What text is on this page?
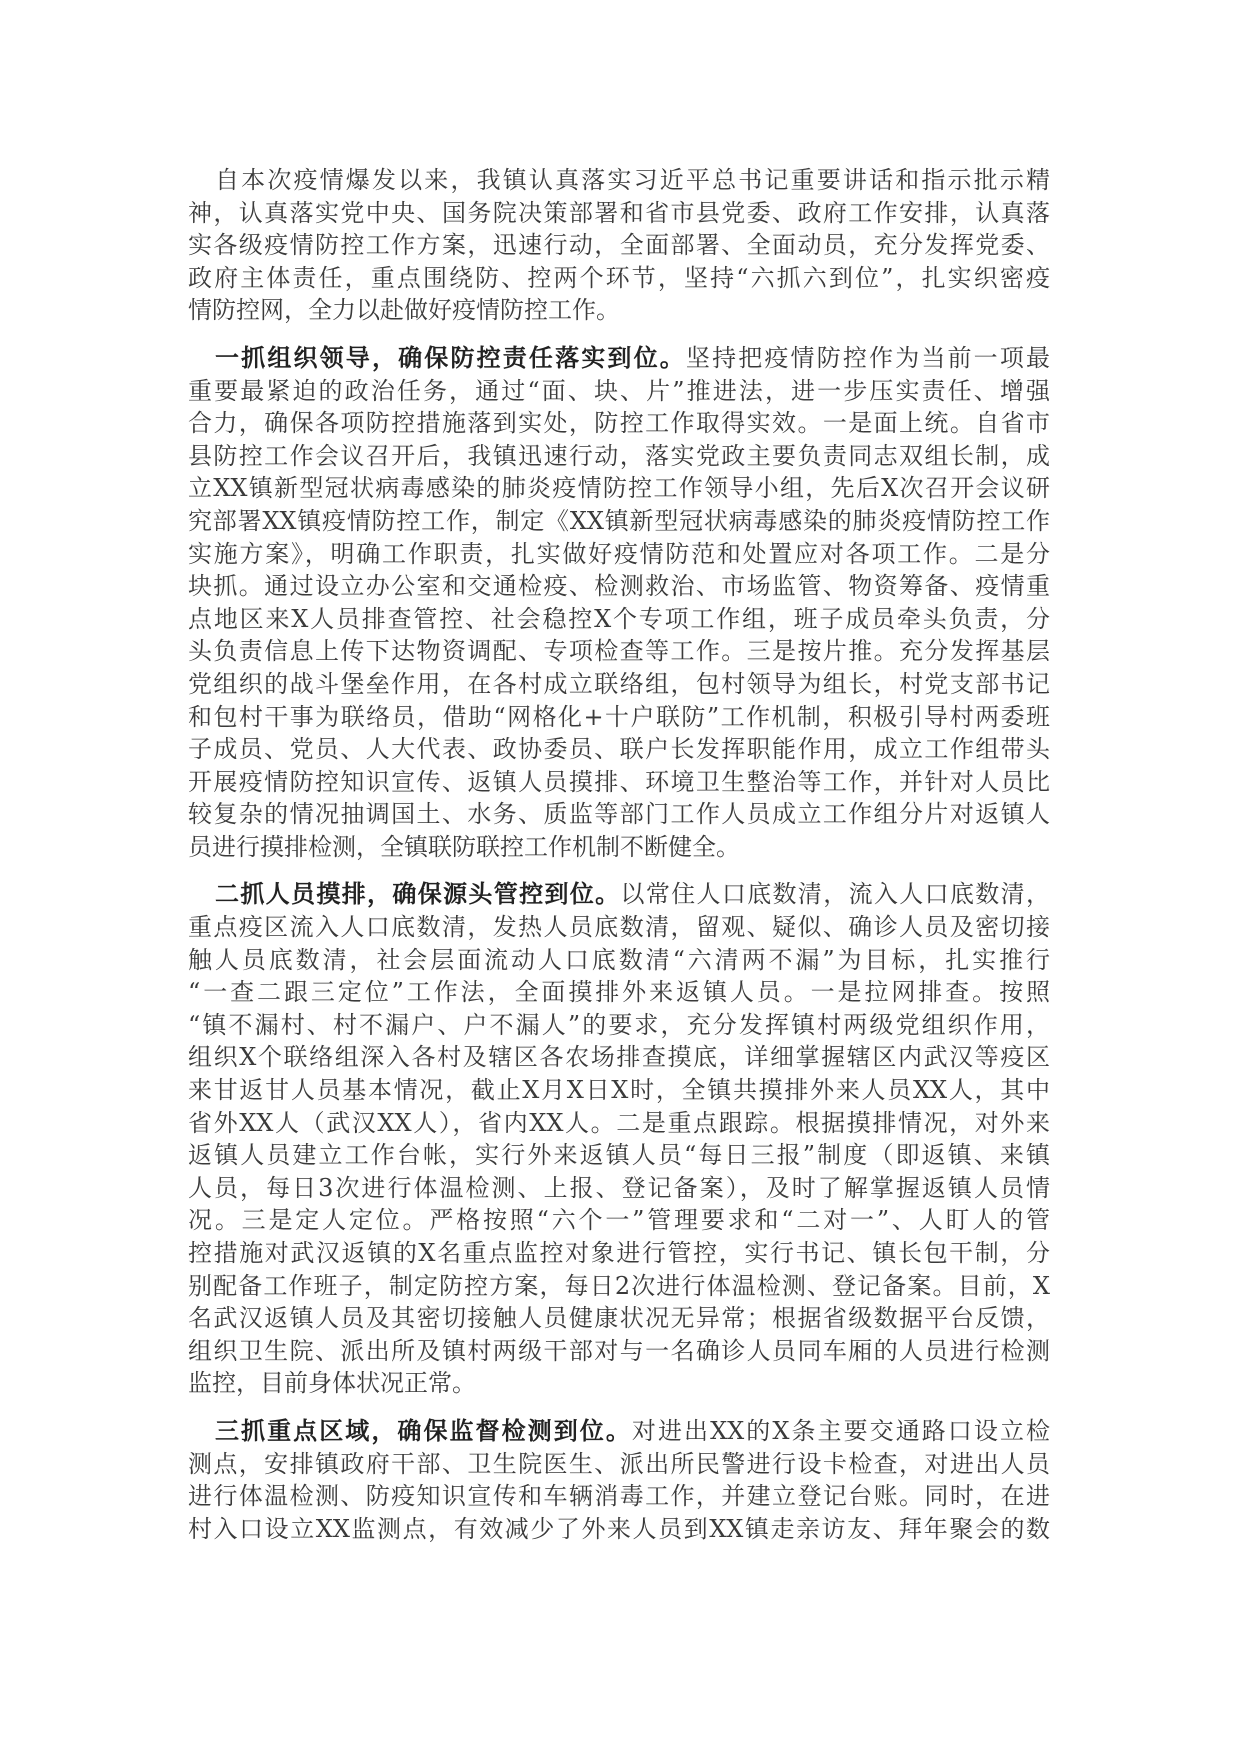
自本次疫情爆发以来，我镇认真落实习近平总书记重要讲话和指示批示精
神，认真落实党中央、国务院决策部署和省市县党委、政府工作安排，认真落
实各级疫情防控工作方案，迅速行动，全面部署、全面动员，充分发挥党委、
政府主体责任，重点围绕防、控两个环节，坚持“六抓六到位”，扎实织密疫
情防控网，全力以赴做好疫情防控工作。
一抓组织领导，确保防控责任落实到位。坚持把疫情防控作为当前一项最
重要最紧迫的政治任务，通过“面、块、片”推进法，进一步压实责任、增强
合力，确保各项防控措施落到实处，防控工作取得实效。一是面上统。自省市
县防控工作会议召开后，我镇迅速行动，落实党政主要负责同志双组长制，成
立XX镇新型冠状病毒感染的肺炎疫情防控工作领导小组，先后X次召开会议研
究部署XX镇疫情防控工作，制定《XX镇新型冠状病毒感染的肺炎疫情防控工作
实施方案》，明确工作职责，扎实做好疫情防范和处置应对各项工作。二是分
块抓。通过设立办公室和交通检疫、检测救治、市场监管、物资筹备、疫情重
点地区来X人员排查管控、社会稳控X个专项工作组，班子成员牵头负责，分
头负责信息上传下达物资调配、专项检查等工作。三是按片推。充分发挥基层
党组织的战斗堡垒作用，在各村成立联络组，包村领导为组长，村党支部书记
和包村干事为联络员，借助“网格化+十户联防”工作机制，积极引导村两委班
子成员、党员、人大代表、政协委员、联户长发挥职能作用，成立工作组带头
开展疫情防控知识宣传、返镇人员摸排、环境卫生整治等工作，并针对人员比
较复杂的情况抽调国土、水务、质监等部门工作人员成立工作组分片对返镇人
员进行摸排检测，全镇联防联控工作机制不断健全。
二抓人员摸排，确保源头管控到位。以常住人口底数清，流入人口底数清，
重点疫区流入人口底数清，发热人员底数清，留观、疑似、确诊人员及密切接
触人员底数清，社会层面流动人口底数清“六清两不漏”为目标，扎实推行
“一查二跟三定位”工作法，全面摸排外来返镇人员。一是拉网排查。按照
“镇不漏村、村不漏户、户不漏人”的要求，充分发挥镇村两级党组织作用，
组织X个联络组深入各村及辖区各农场排查摸底，详细掌握辖区内武汉等疫区
来甘返甘人员基本情况，截止X月X日X时，全镇共摸排外来人员XX人，其中
省外XX人（武汉XX人），省内XX人。二是重点跟踪。根据摸排情况，对外来
返镇人员建立工作台帐，实行外来返镇人员“每日三报”制度（即返镇、来镇
人员，每日3次进行体温检测、上报、登记备案），及时了解掌握返镇人员情
况。三是定人定位。严格按照“六个一”管理要求和“二对一”、人盯人的管
控措施对武汉返镇的X名重点监控对象进行管控，实行书记、镇长包干制，分
别配备工作班子，制定防控方案，每日2次进行体温检测、登记备案。目前，X
名武汉返镇人员及其密切接触人员健康状况无异常；根据省级数据平台反馈，
组织卫生院、派出所及镇村两级干部对与一名确诊人员同车厢的人员进行检测
监控，目前身体状况正常。
三抓重点区域，确保监督检测到位。对进出XX的X条主要交通路口设立检
测点，安排镇政府干部、卫生院医生、派出所民警进行设卡检查，对进出人员
进行体温检测、防疫知识宣传和车辆消毒工作，并建立登记台账。同时，在进
村入口设立XX监测点，有效减少了外来人员到XX镇走亲访友、拜年聚会的数
